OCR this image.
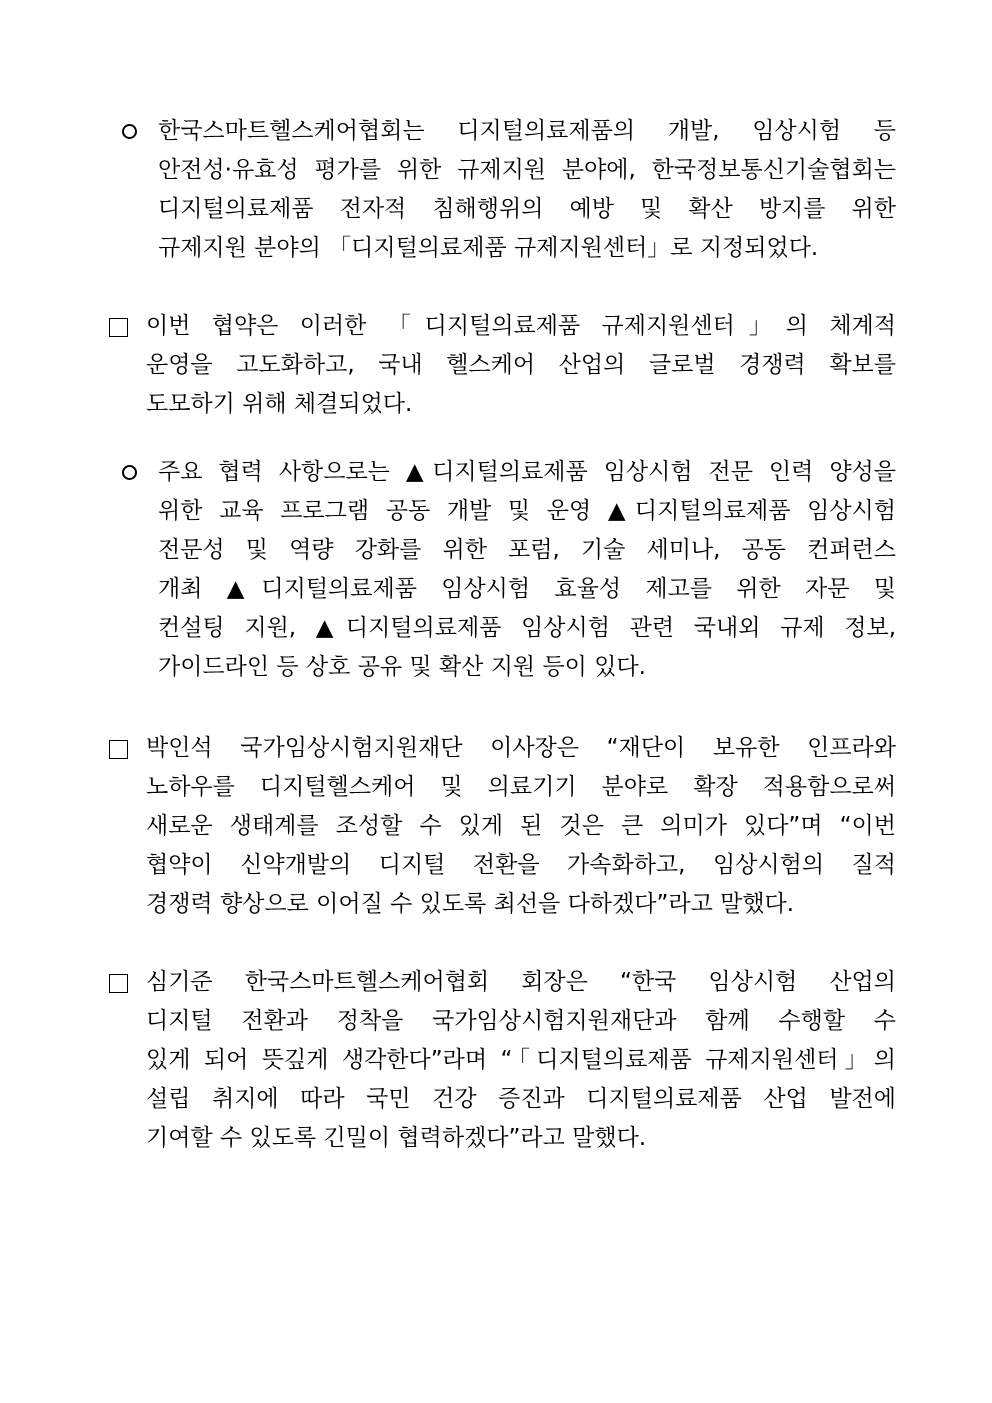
한국스마트헬스케어협회는 디지털의료제품의 개발, 임상시험 등
안전성·유효성 평가를 위한 규제지원 분야에, 한국정보통신기술협회는
디지털의료제품 전자적 침해행위의 예방 및 확산 방지를 위한
규제지원 분야의 「디지털의료제품 규제지원센터」로 지정되었다.
이번 협약은 이러한 「디지털의료제품 규제지원센터」의 체계적
운영을 고도화하고, 국내 헬스케어 산업의 글로벌 경쟁력 확보를
도모하기 위해 체결되었다.
주요 협력 사항으로는 ▲디지털의료제품 임상시험 전문 인력 양성을
위한 교육 프로그램 공동 개발 및 운영 ▲디지털의료제품 임상시험
전문성 및 역량 강화를 위한 포럼, 기술 세미나, 공동 컨퍼런스
개최 ▲디지털의료제품 임상시험 효율성 제고를 위한 자문 및
컨설팅 지원, ▲디지털의료제품 임상시험 관련 국내외 규제 정보,
가이드라인 등 상호 공유 및 확산 지원 등이 있다.
박인석 국가임상시험지원재단 이사장은 “재단이 보유한 인프라와
노하우를 디지털헬스케어 및 의료기기 분야로 확장 적용함으로써
새로운 생태계를 조성할 수 있게 된 것은 큰 의미가 있다”며 “이번
협약이 신약개발의 디지털 전환을 가속화하고, 임상시험의 질적
경쟁력 향상으로 이어질 수 있도록 최선을 다하겠다”라고 말했다.
심기준 한국스마트헬스케어협회 회장은 “한국 임상시험 산업의
디지털 전환과 정착을 국가임상시험지원재단과 함께 수행할 수
있게 되어 뜻깊게 생각한다”라며 “「디지털의료제품 규제지원센터」의
설립 취지에 따라 국민 건강 증진과 디지털의료제품 산업 발전에
기여할 수 있도록 긴밀이 협력하겠다”라고 말했다.
